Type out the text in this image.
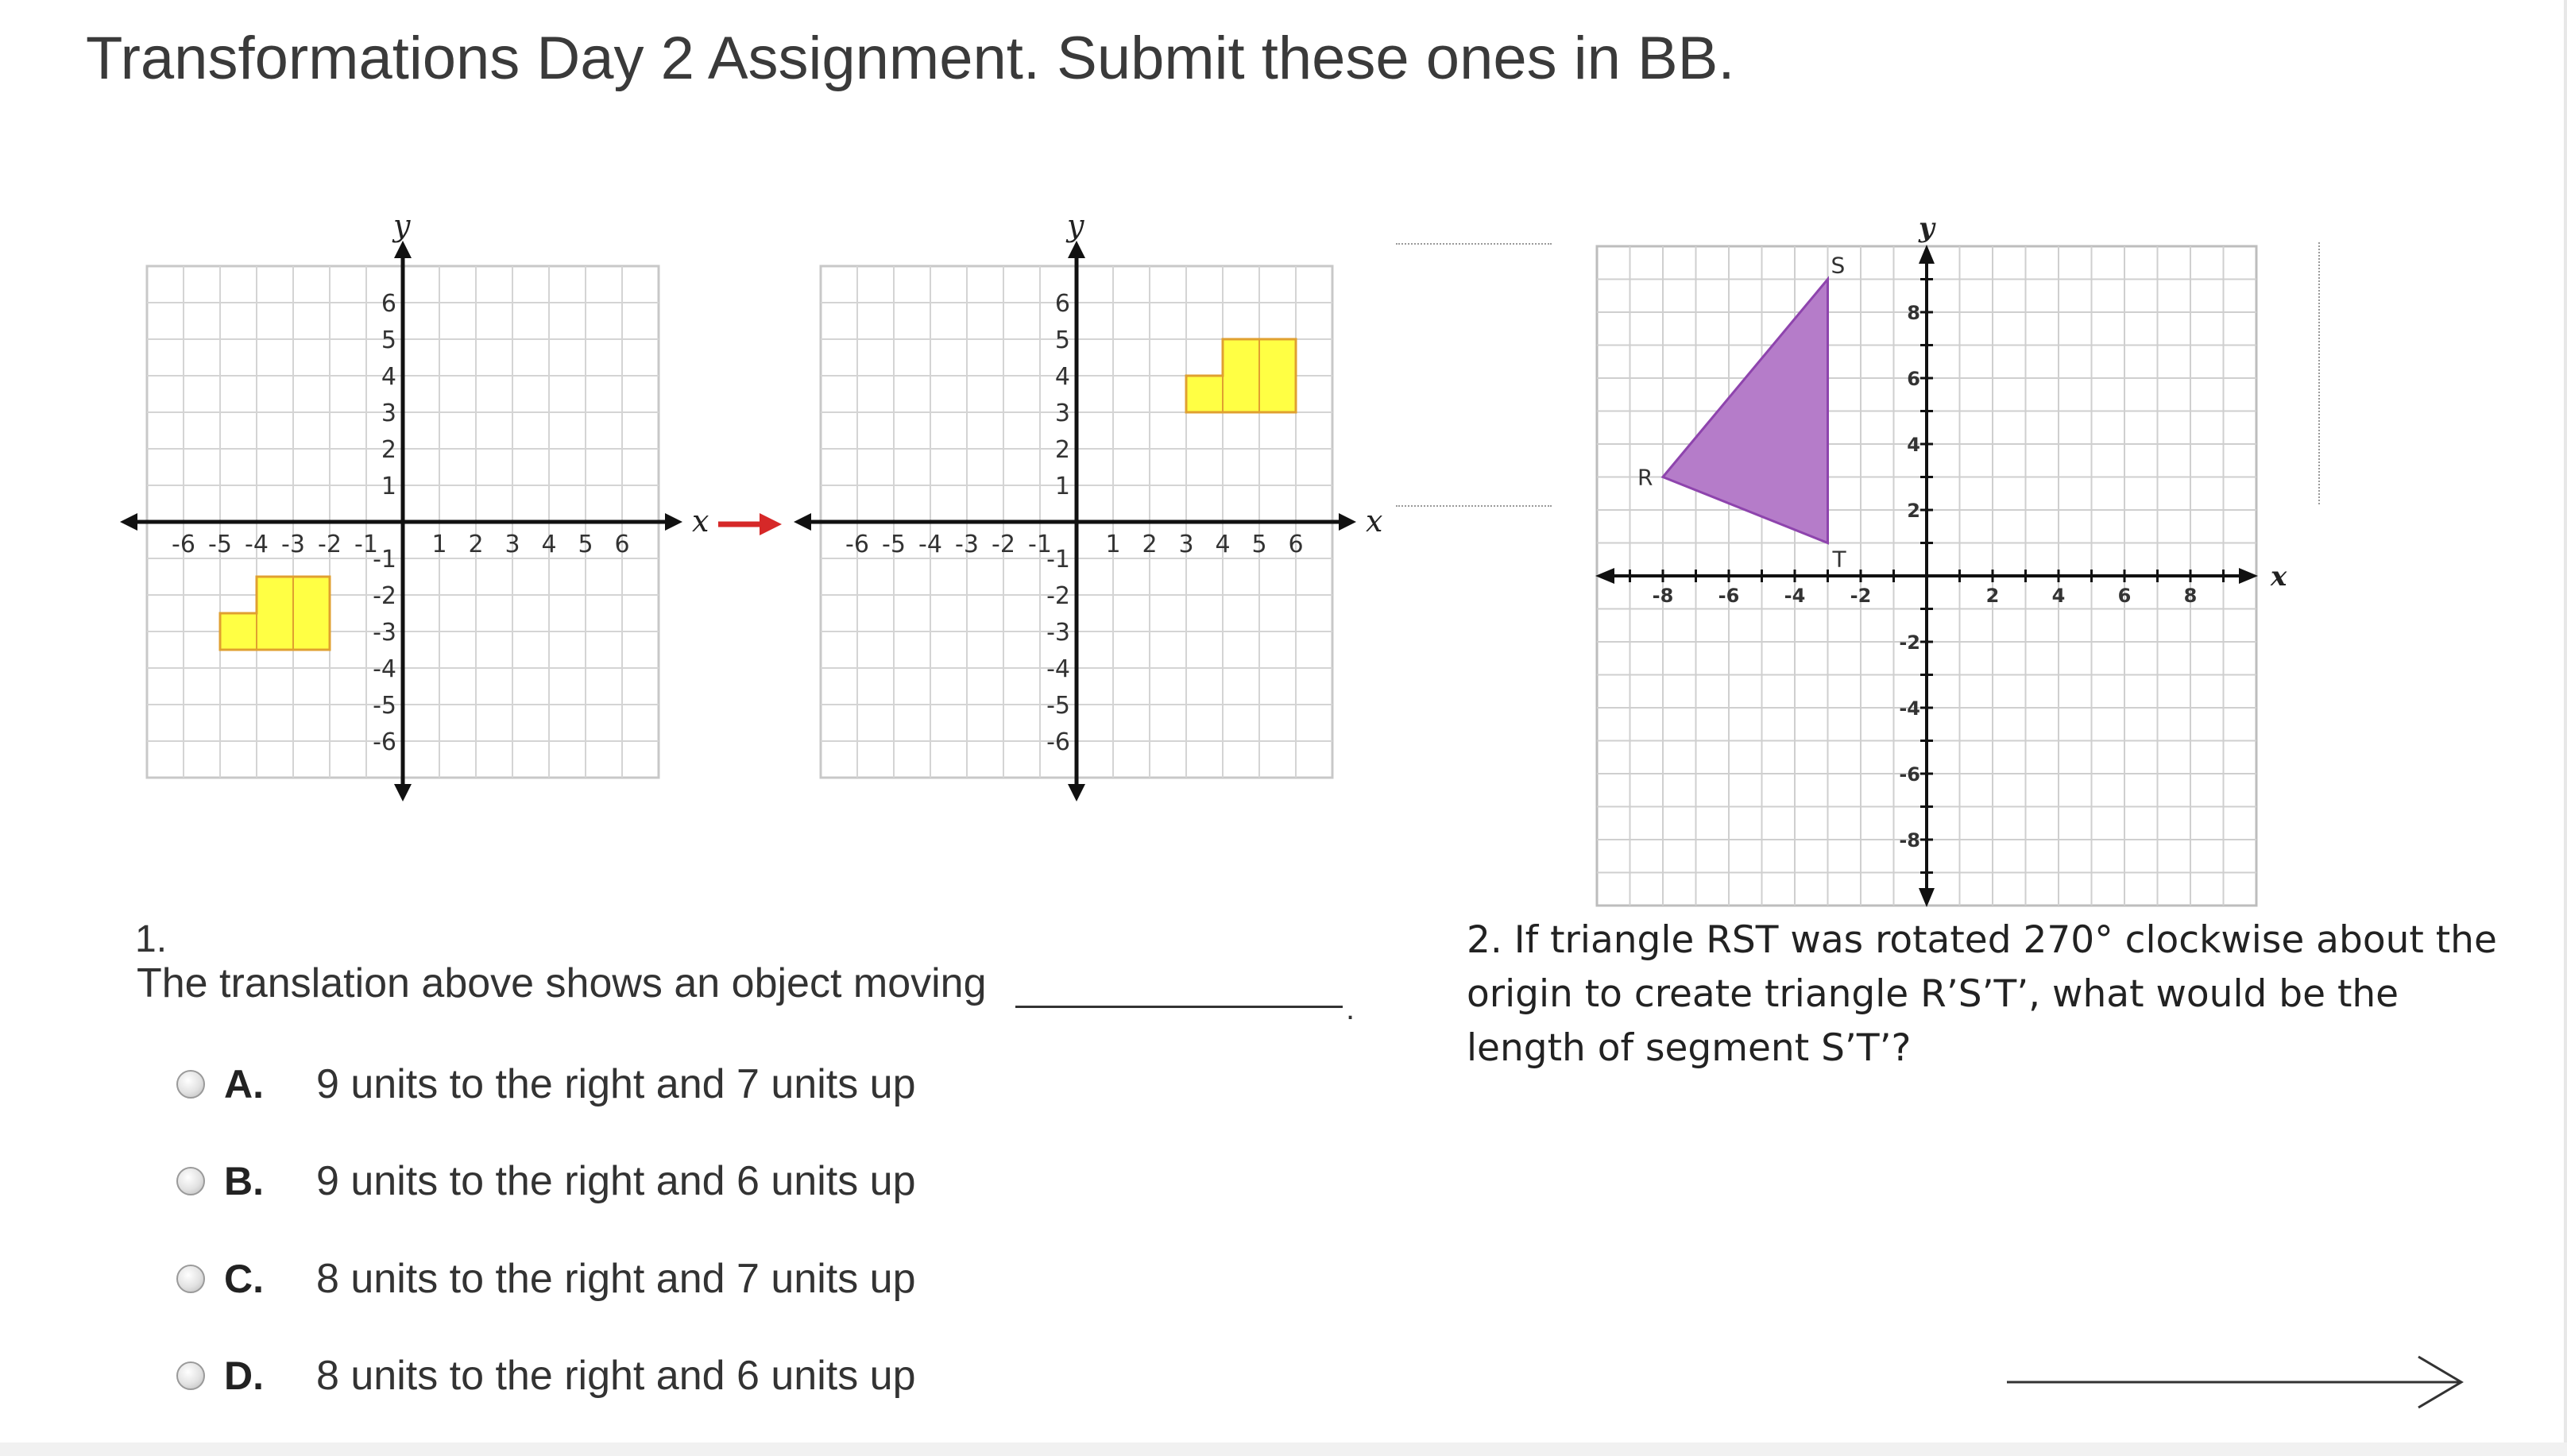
Transformations Day 2 Assignment. Submit these ones in BB.
x
y
-6 -5 -4 -3 -2 -1 1 2 3 4 5 6
6
5
4
3
2
1
-1
-2
-3
-4
-5
-6
x
y
-6 -5 -4 -3 -2 -1 1 2 3 4 5 6
6
5
4
3
2
1
-1
-2
-3
-4
-5
-6
x
y
-8 -6 -4 -2	2	4	6	8
8
6
4
2
-2
-4
-6
-8
R
S
T
1.
The translation above shows an object moving
.
A. 9 units to the right and 7 units up
B. 9 units to the right and 6 units up
C. 8 units to the right and 7 units up
D. 8 units to the right and 6 units up
2. If triangle RST was rotated 270° clockwise about the
origin to create triangle R’S’T’, what would be the
length of segment S’T’?
